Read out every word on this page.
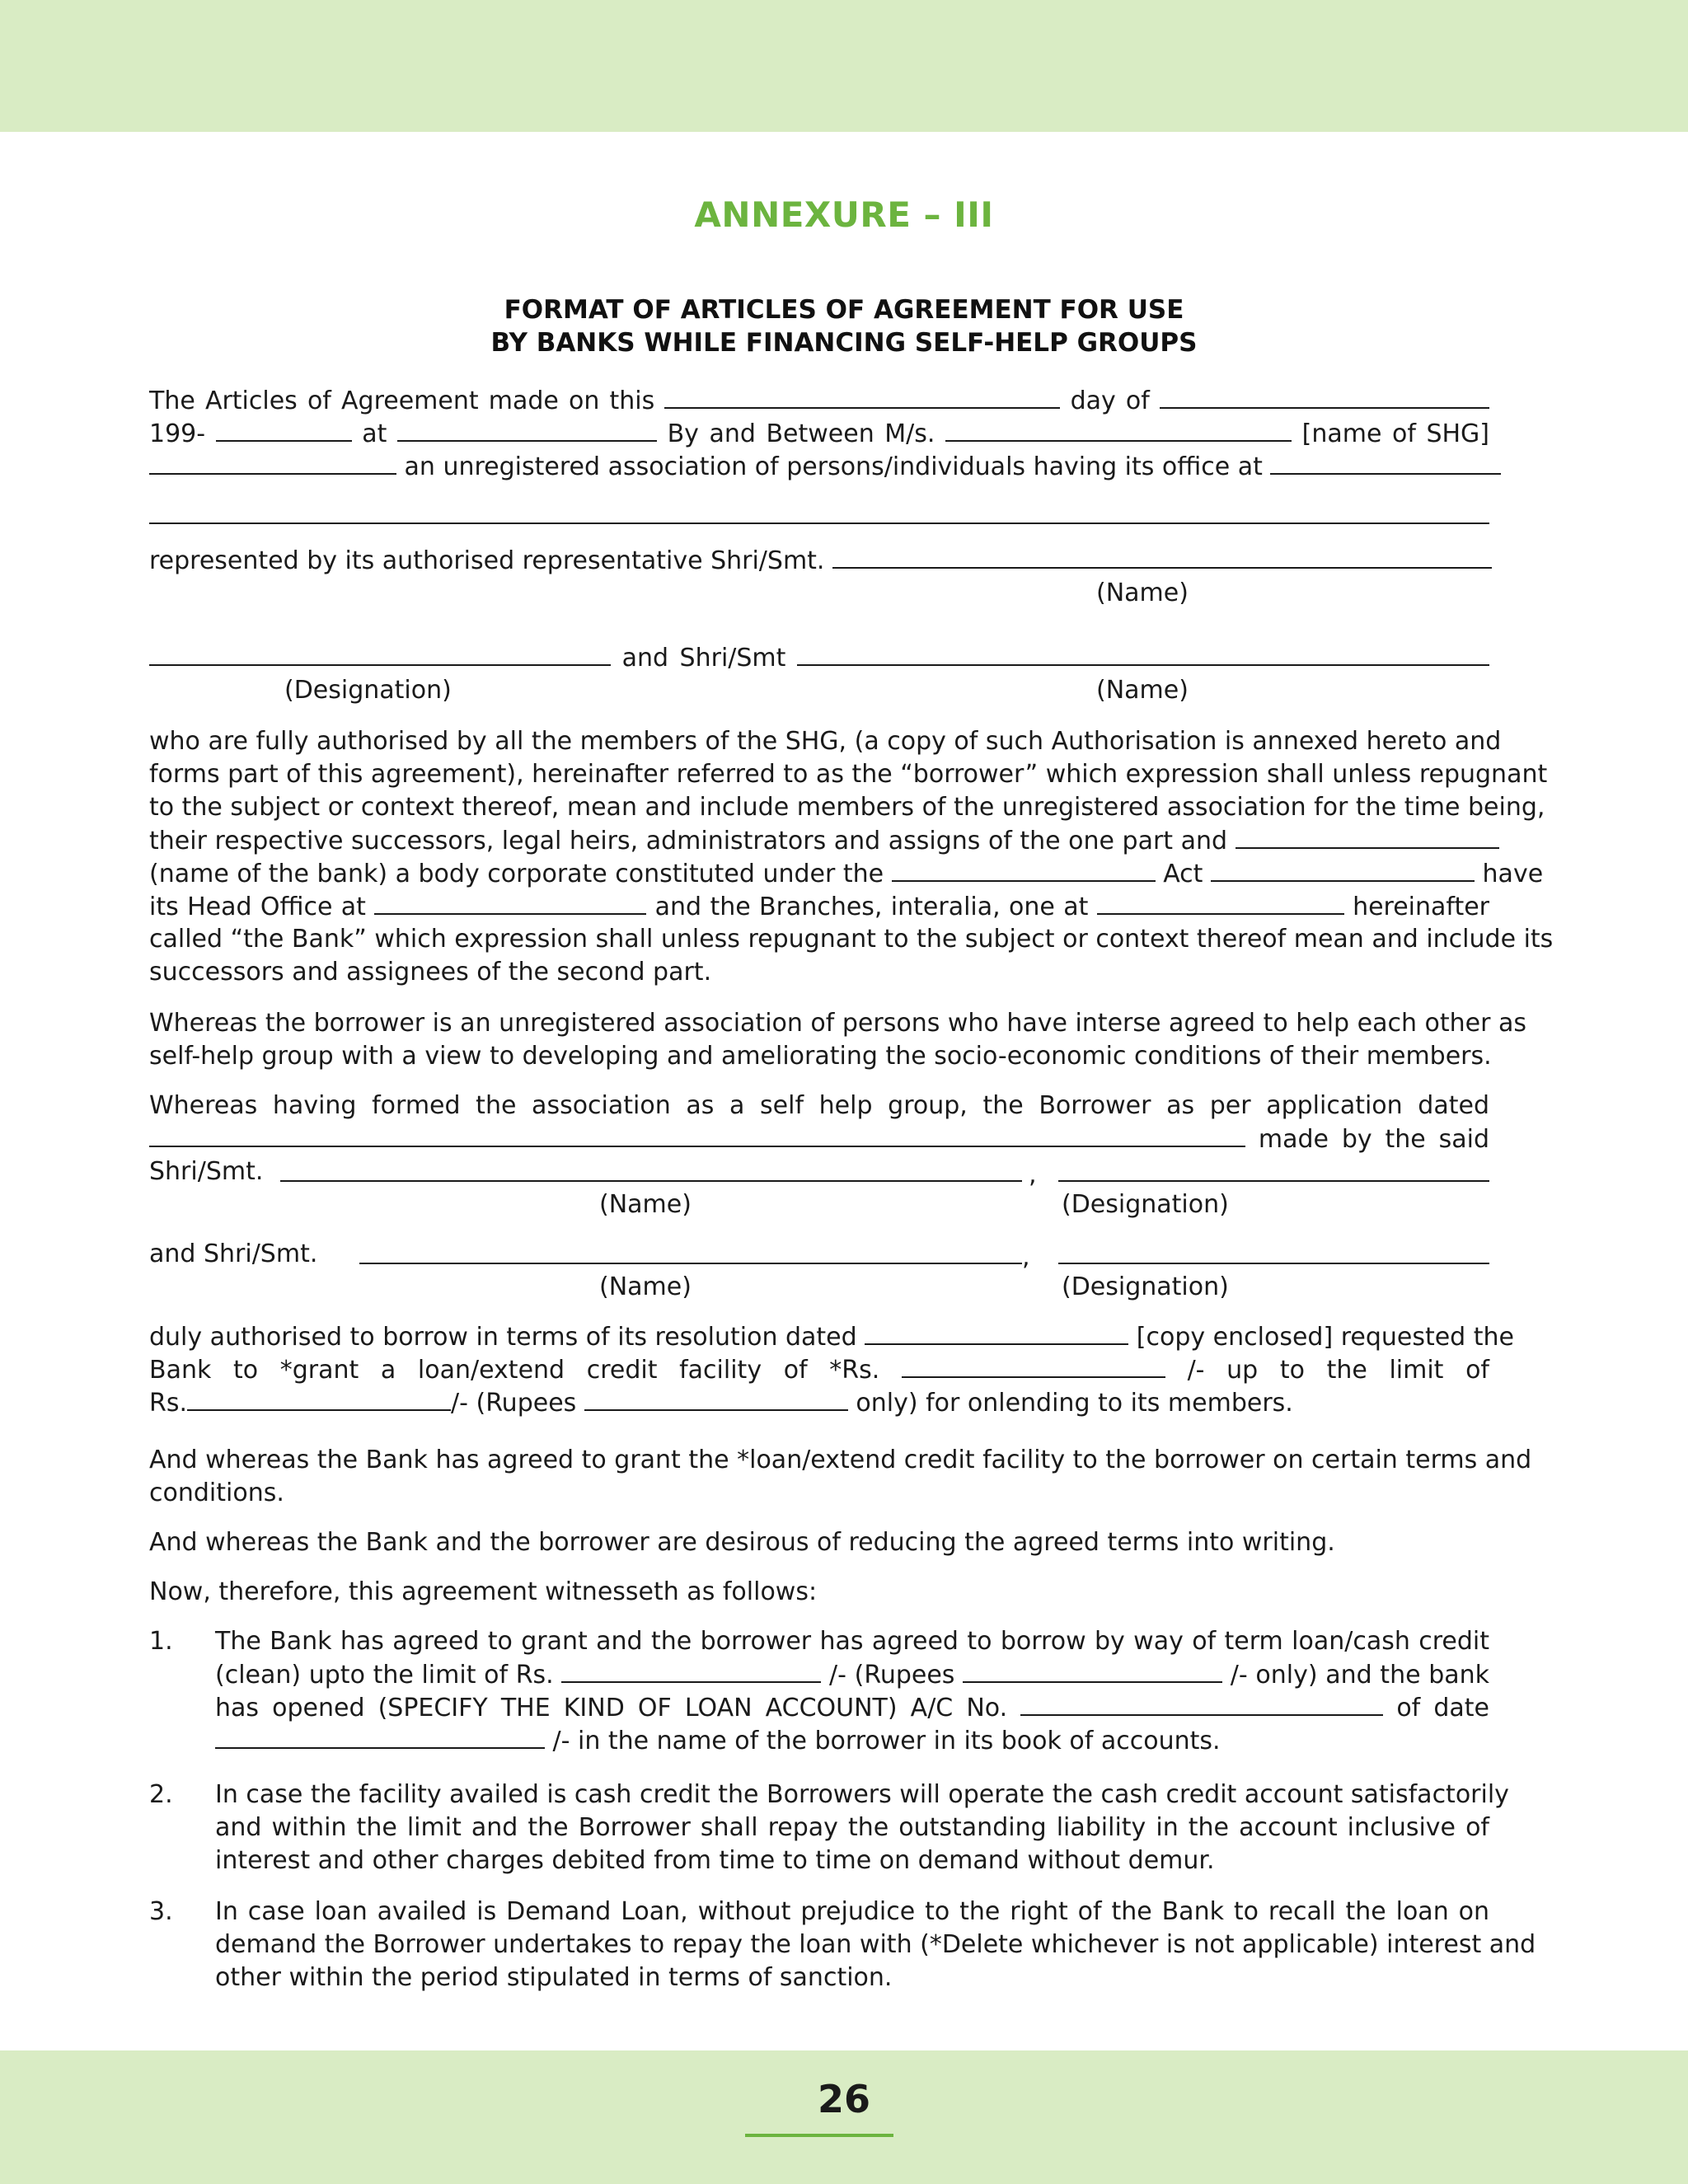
ANNEXURE – III
FORMAT OF ARTICLES OF AGREEMENT FOR USE
BY BANKS WHILE FINANCING SELF-HELP GROUPS
The Articles of Agreement made on this	day of
199-	at	By and Between M/s.	[name of SHG]
an unregistered association of persons/individuals having its office at
represented by its authorised representative Shri/Smt.
(Name)
and Shri/Smt
(Designation)	(Name)
who are fully authorised by all the members of the SHG, (a copy of such Authorisation is annexed hereto and
forms part of this agreement), hereinafter referred to as the “borrower” which expression shall unless repugnant
to the subject or context thereof, mean and include members of the unregistered association for the time being,
their respective successors, legal heirs, administrators and assigns of the one part and
(name of the bank) a body corporate constituted under the	Act	have
its Head Office at	and the Branches, interalia, one at	hereinafter
called “the Bank” which expression shall unless repugnant to the subject or context thereof mean and include its
successors and assignees of the second part.
Whereas the borrower is an unregistered association of persons who have interse agreed to help each other as
self-help group with a view to developing and ameliorating the socio-economic conditions of their members.
Whereas having formed the association as a self help group, the Borrower as per application dated
made by the said
Shri/Smt.	,
(Name)	(Designation)
and Shri/Smt.	,
(Name)	(Designation)
duly authorised to borrow in terms of its resolution dated	[copy enclosed] requested the
Bank to *grant a loan/extend credit facility of *Rs.	/- up to the limit of
Rs.	/- (Rupees	only) for onlending to its members.
And whereas the Bank has agreed to grant the *loan/extend credit facility to the borrower on certain terms and
conditions.
And whereas the Bank and the borrower are desirous of reducing the agreed terms into writing.
Now, therefore, this agreement witnesseth as follows:
1. The Bank has agreed to grant and the borrower has agreed to borrow by way of term loan/cash credit
(clean) upto the limit of Rs.	/- (Rupees	/- only) and the bank
has opened (SPECIFY THE KIND OF LOAN ACCOUNT) A/C No.	of date
/- in the name of the borrower in its book of accounts.
2. In case the facility availed is cash credit the Borrowers will operate the cash credit account satisfactorily
and within the limit and the Borrower shall repay the outstanding liability in the account inclusive of
interest and other charges debited from time to time on demand without demur.
3. In case loan availed is Demand Loan, without prejudice to the right of the Bank to recall the loan on
demand the Borrower undertakes to repay the loan with (*Delete whichever is not applicable) interest and
other within the period stipulated in terms of sanction.
26
